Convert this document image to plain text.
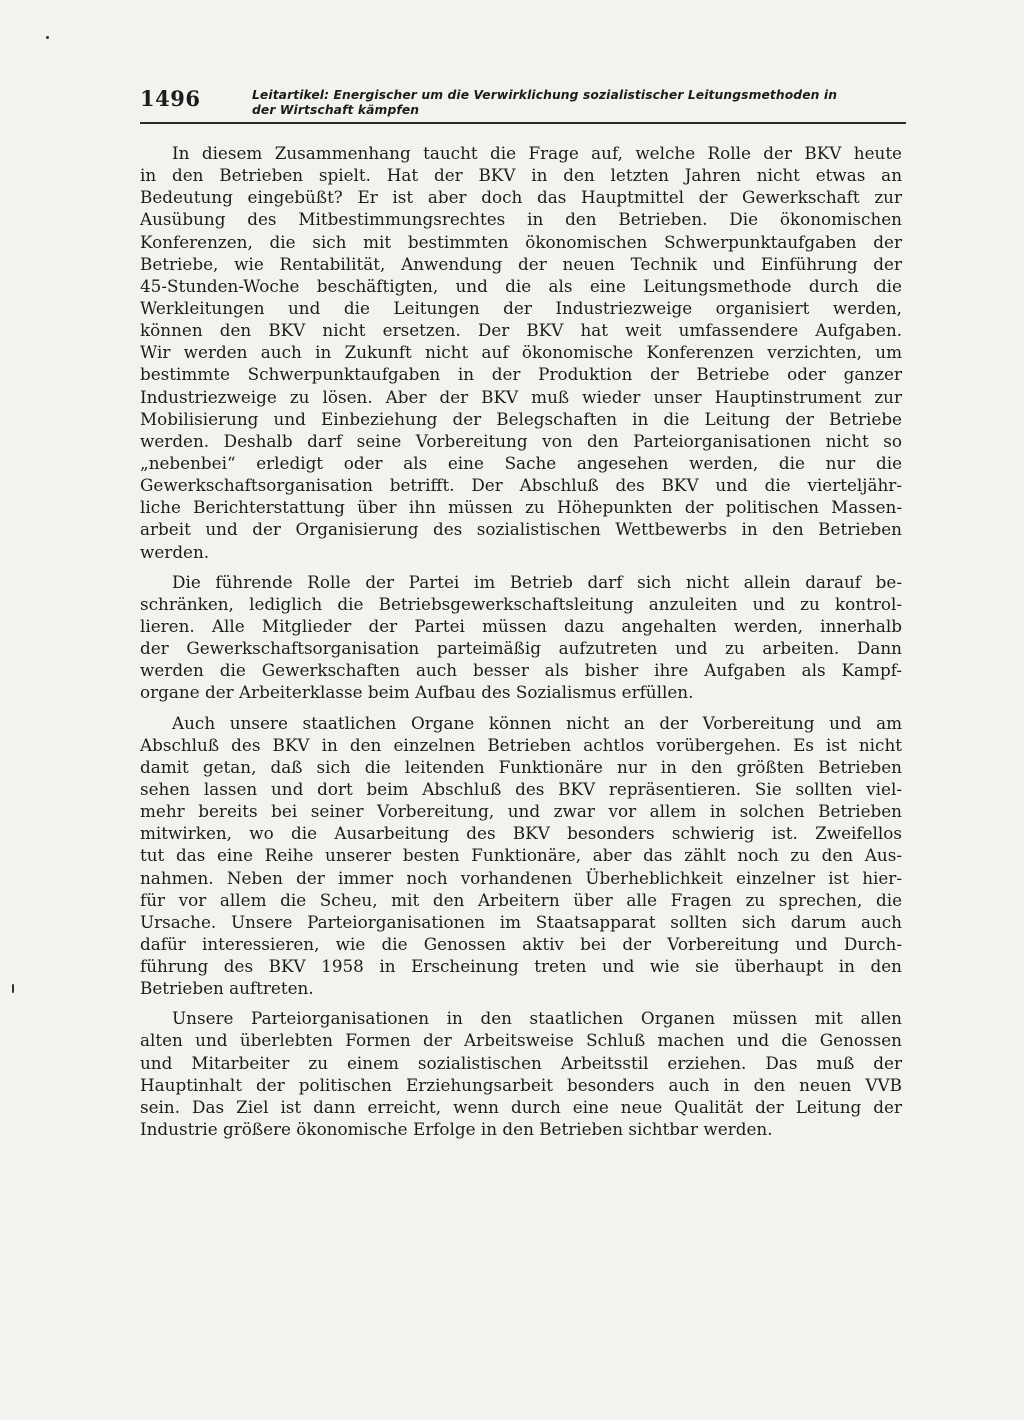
1496	Leitartikel: Energischer um die Verwirklichung sozialistischer Leitungsmethoden in
der Wirtschaft kämpfen

In diesem Zusammenhang taucht die Frage auf, welche Rolle der BKV heute
in den Betrieben spielt. Hat der BKV in den letzten Jahren nicht etwas an
Bedeutung eingebüßt? Er ist aber doch das Hauptmittel der Gewerkschaft zur
Ausübung des Mitbestimmungsrechtes in den Betrieben. Die ökonomischen
Konferenzen, die sich mit bestimmten ökonomischen Schwerpunktaufgaben der
Betriebe, wie Rentabilität, Anwendung der neuen Technik und Einführung der
45-Stunden-Woche beschäftigten, und die als eine Leitungsmethode durch die
Werkleitungen und die Leitungen der Industriezweige organisiert werden,
können den BKV nicht ersetzen. Der BKV hat weit umfassendere Aufgaben.
Wir werden auch in Zukunft nicht auf ökonomische Konferenzen verzichten, um
bestimmte Schwerpunktaufgaben in der Produktion der Betriebe oder ganzer
Industriezweige zu lösen. Aber der BKV muß wieder unser Hauptinstrument zur
Mobilisierung und Einbeziehung der Belegschaften in die Leitung der Betriebe
werden. Deshalb darf seine Vorbereitung von den Parteiorganisationen nicht so
„nebenbei“ erledigt oder als eine Sache angesehen werden, die nur die
Gewerkschaftsorganisation betrifft. Der Abschluß des BKV und die vierteljähr-
liche Berichterstattung über ihn müssen zu Höhepunkten der politischen Massen-
arbeit und der Organisierung des sozialistischen Wettbewerbs in den Betrieben
werden.

Die führende Rolle der Partei im Betrieb darf sich nicht allein darauf be-
schränken, lediglich die Betriebsgewerkschaftsleitung anzuleiten und zu kontrol-
lieren. Alle Mitglieder der Partei müssen dazu angehalten werden, innerhalb
der Gewerkschaftsorganisation parteimäßig aufzutreten und zu arbeiten. Dann
werden die Gewerkschaften auch besser als bisher ihre Aufgaben als Kampf-
organe der Arbeiterklasse beim Aufbau des Sozialismus erfüllen.

Auch unsere staatlichen Organe können nicht an der Vorbereitung und am
Abschluß des BKV in den einzelnen Betrieben achtlos vorübergehen. Es ist nicht
damit getan, daß sich die leitenden Funktionäre nur in den größten Betrieben
sehen lassen und dort beim Abschluß des BKV repräsentieren. Sie sollten viel-
mehr bereits bei seiner Vorbereitung, und zwar vor allem in solchen Betrieben
mitwirken, wo die Ausarbeitung des BKV besonders schwierig ist. Zweifellos
tut das eine Reihe unserer besten Funktionäre, aber das zählt noch zu den Aus-
nahmen. Neben der immer noch vorhandenen Überheblichkeit einzelner ist hier-
für vor allem die Scheu, mit den Arbeitern über alle Fragen zu sprechen, die
Ursache. Unsere Parteiorganisationen im Staatsapparat sollten sich darum auch
dafür interessieren, wie die Genossen aktiv bei der Vorbereitung und Durch-
führung des BKV 1958 in Erscheinung treten und wie sie überhaupt in den
Betrieben auftreten.

Unsere Parteiorganisationen in den staatlichen Organen müssen mit allen
alten und überlebten Formen der Arbeitsweise Schluß machen und die Genossen
und Mitarbeiter zu einem sozialistischen Arbeitsstil erziehen. Das muß der
Hauptinhalt der politischen Erziehungsarbeit besonders auch in den neuen VVB
sein. Das Ziel ist dann erreicht, wenn durch eine neue Qualität der Leitung der
Industrie größere ökonomische Erfolge in den Betrieben sichtbar werden.
